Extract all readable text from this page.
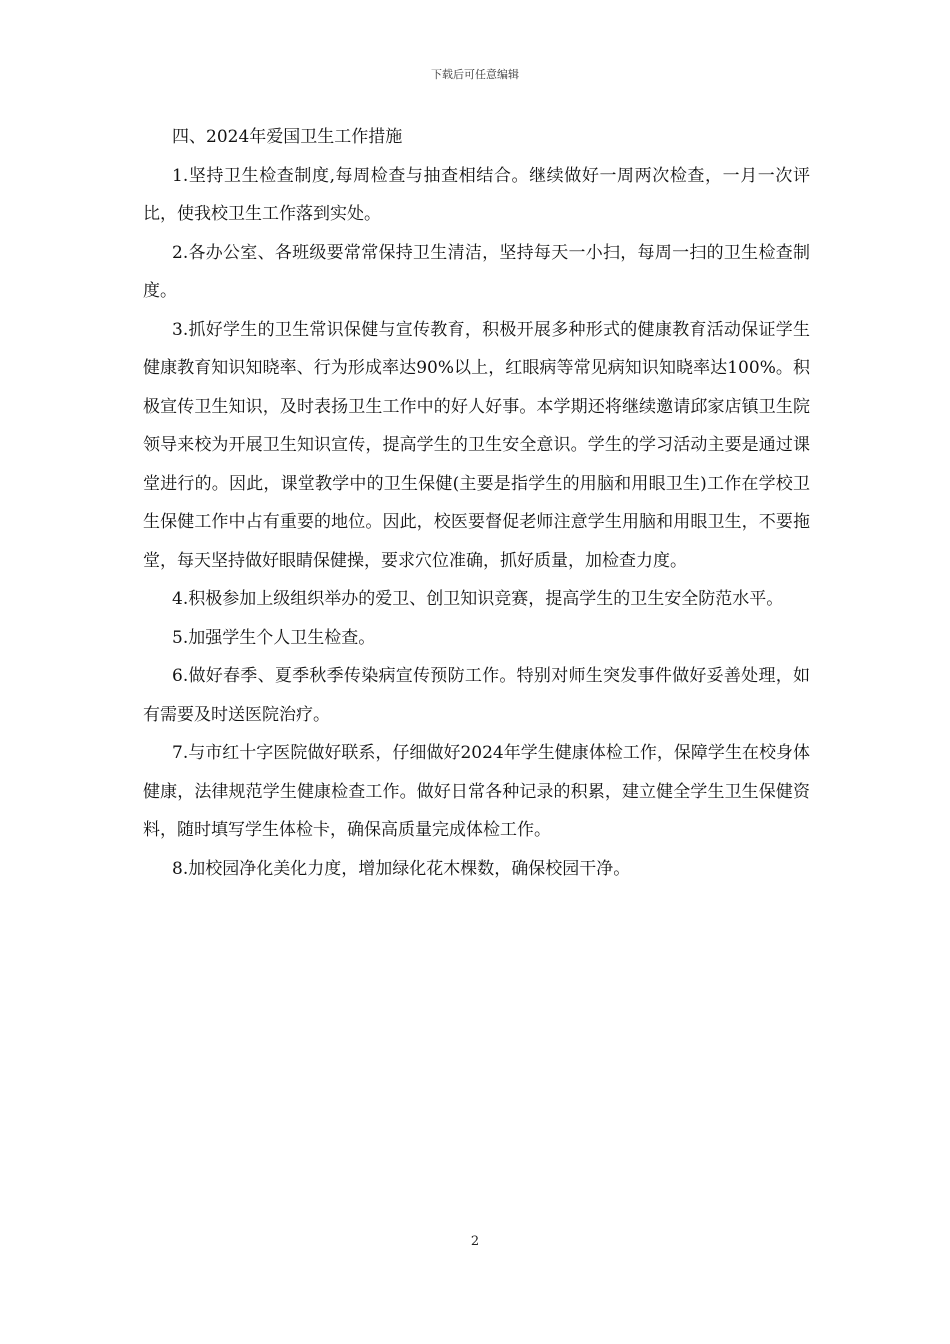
下载后可任意编辑

四、2024年爱国卫生工作措施

1.坚持卫生检查制度,每周检查与抽查相结合。继续做好一周两次检查，一月一次评比，使我校卫生工作落到实处。

2.各办公室、各班级要常常保持卫生清洁，坚持每天一小扫，每周一扫的卫生检查制度。

3.抓好学生的卫生常识保健与宣传教育，积极开展多种形式的健康教育活动保证学生健康教育知识知晓率、行为形成率达90%以上，红眼病等常见病知识知晓率达100%。积极宣传卫生知识，及时表扬卫生工作中的好人好事。本学期还将继续邀请邱家店镇卫生院领导来校为开展卫生知识宣传，提高学生的卫生安全意识。学生的学习活动主要是通过课堂进行的。因此，课堂教学中的卫生保健(主要是指学生的用脑和用眼卫生)工作在学校卫生保健工作中占有重要的地位。因此，校医要督促老师注意学生用脑和用眼卫生，不要拖堂，每天坚持做好眼睛保健操，要求穴位准确，抓好质量，加检查力度。

4.积极参加上级组织举办的爱卫、创卫知识竞赛，提高学生的卫生安全防范水平。

5.加强学生个人卫生检查。

6.做好春季、夏季秋季传染病宣传预防工作。特别对师生突发事件做好妥善处理，如有需要及时送医院治疗。

7.与市红十字医院做好联系，仔细做好2024年学生健康体检工作，保障学生在校身体健康，法律规范学生健康检查工作。做好日常各种记录的积累，建立健全学生卫生保健资料，随时填写学生体检卡，确保高质量完成体检工作。

8.加校园净化美化力度，增加绿化花木棵数，确保校园干净。

2
